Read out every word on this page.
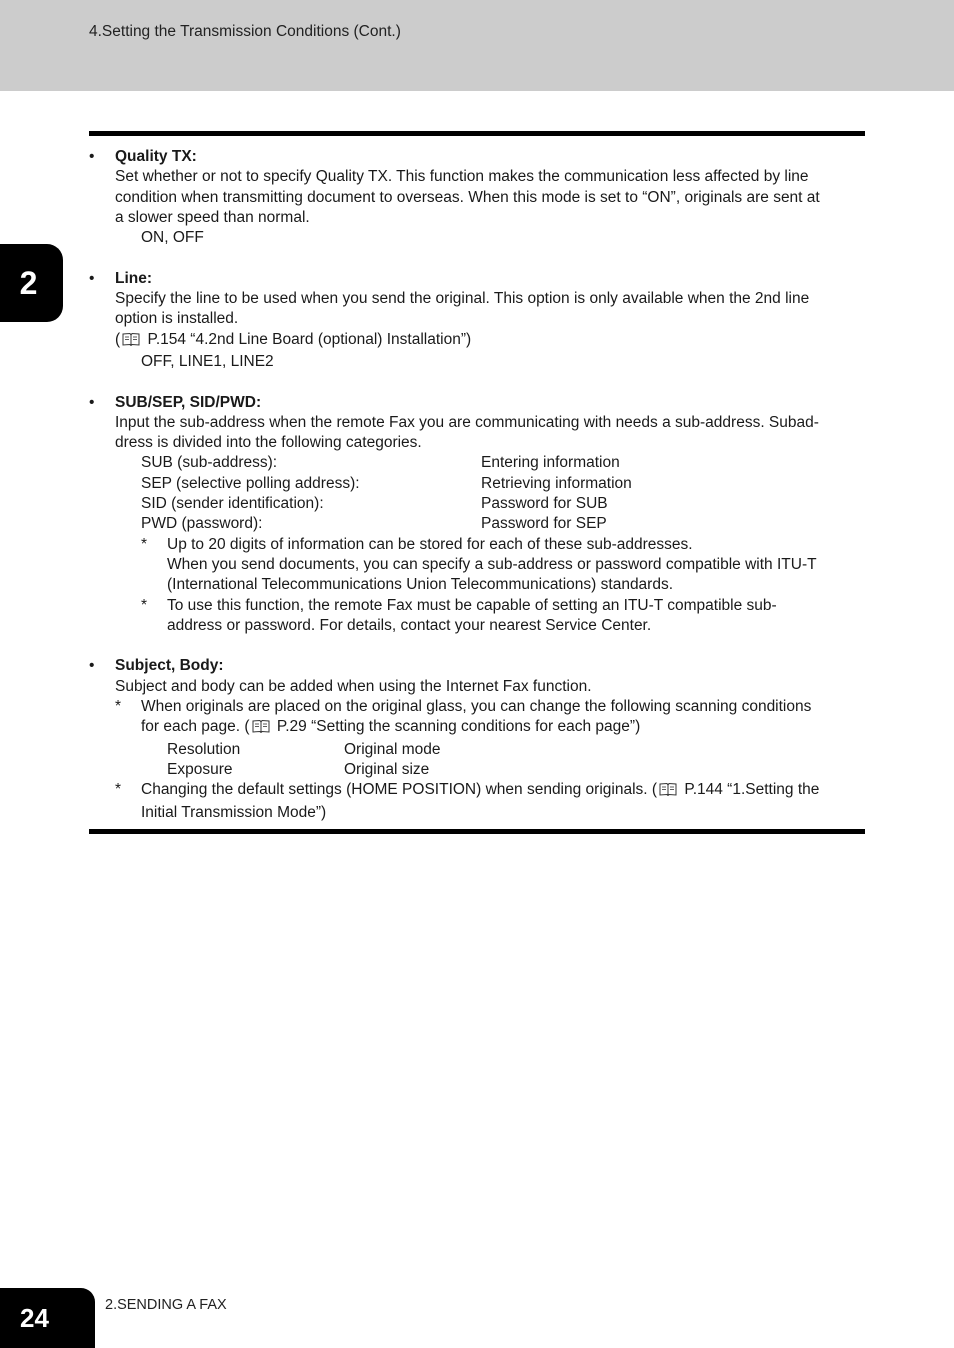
4.Setting the Transmission Conditions (Cont.)
2
• Quality TX:
Set whether or not to specify Quality TX. This function makes the communication less affected by line
condition when transmitting document to overseas. When this mode is set to “ON”, originals are sent at
a slower speed than normal.
ON, OFF
• Line:
Specify the line to be used when you send the original. This option is only available when the 2nd line
option is installed.
( P.154 “4.2nd Line Board (optional) Installation”)
OFF, LINE1, LINE2
• SUB/SEP, SID/PWD:
Input the sub-address when the remote Fax you are communicating with needs a sub-address. Subad-
dress is divided into the following categories.
SUB (sub-address):	Entering information
SEP (selective polling address):	Retrieving information
SID (sender identification):	Password for SUB
PWD (password):	Password for SEP
* Up to 20 digits of information can be stored for each of these sub-addresses.
When you send documents, you can specify a sub-address or password compatible with ITU-T
(International Telecommunications Union Telecommunications) standards.
* To use this function, the remote Fax must be capable of setting an ITU-T compatible sub-
address or password. For details, contact your nearest Service Center.
• Subject, Body:
Subject and body can be added when using the Internet Fax function.
* When originals are placed on the original glass, you can change the following scanning conditions
for each page. ( P.29 “Setting the scanning conditions for each page”)
Resolution	Original mode
Exposure	Original size
* Changing the default settings (HOME POSITION) when sending originals. ( P.144 “1.Setting the
Initial Transmission Mode”)
24	2.SENDING A FAX
